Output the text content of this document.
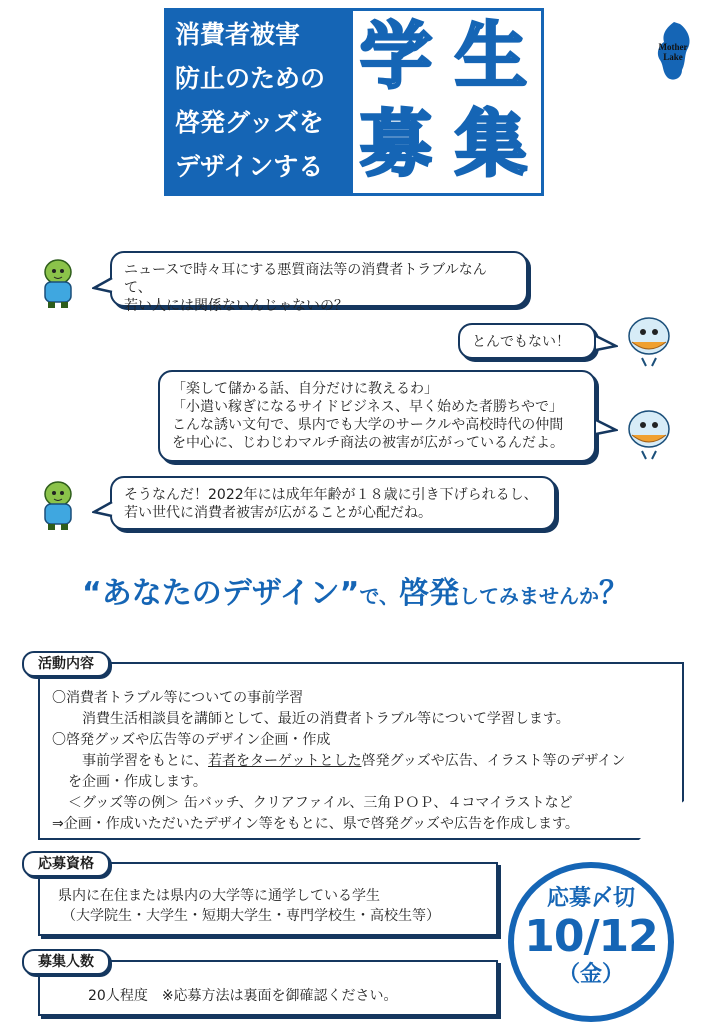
消費者被害
防止のための
啓発グッズを
デザインする
学 生
募 集
Mother
Lake
ニュースで時々耳にする悪質商法等の消費者トラブルなんて、
若い人には関係ないんじゃないの？
とんでもない！
「楽して儲かる話、自分だけに教えるわ」
「小遣い稼ぎになるサイドビジネス、早く始めた者勝ちやで」
こんな誘い文句で、県内でも大学のサークルや高校時代の仲間
を中心に、じわじわマルチ商法の被害が広がっているんだよ。
そうなんだ！2022年には成年年齢が１８歳に引き下げられるし、
若い世代に消費者被害が広がることが心配だね。
“あなたのデザイン”で、啓発してみませんか？
活動内容
〇消費者トラブル等についての事前学習
消費生活相談員を講師として、最近の消費者トラブル等について学習します。
〇啓発グッズや広告等のデザイン企画・作成
事前学習をもとに、若者をターゲットとした啓発グッズや広告、イラスト等のデザイン
を企画・作成します。
＜グッズ等の例＞ 缶バッチ、クリアファイル、三角ＰＯＰ、４コマイラストなど
⇒企画・作成いただいたデザイン等をもとに、県で啓発グッズや広告を作成します。
応募資格
県内に在住または県内の大学等に通学している学生
（大学院生・大学生・短期大学生・専門学校生・高校生等）
募集人数
20人程度　※応募方法は裏面を御確認ください。
応募〆切
10/12
（金）
